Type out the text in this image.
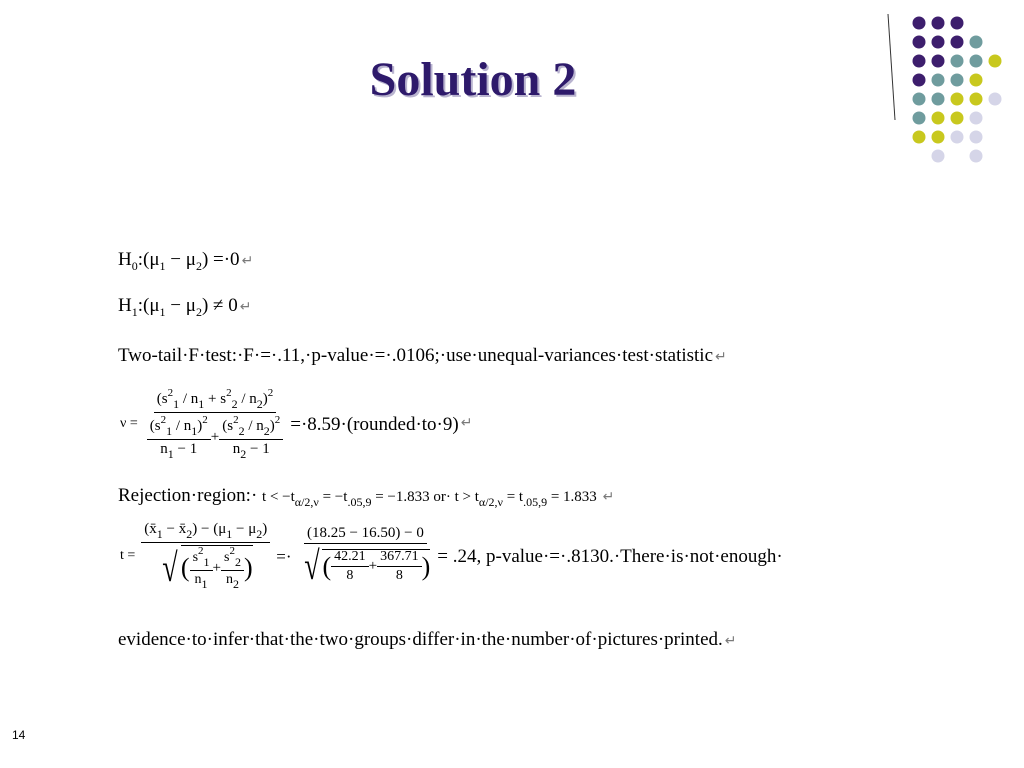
Solution 2
$H_0:(\mu_1 - \mu_2) =\cdot 0$ ↵
$H_1:(\mu_1 - \mu_2) \ne 0$ ↵
Two-tail·F·test:·F·=·.11,·p-value·=·.0106;·use·unequal-variances·test·statistic ↵
ν =
$(s^2_1 / n_1 + s^2_2 / n_2)^2$
$\frac{(s^2_1 / n_1)^2}{n_1 - 1} + \frac{(s^2_2 / n_2)^2}{n_2 - 1}$ =·8.59·(rounded·to·9) ↵
Rejection·region:· $t < -t_{\alpha/2,\nu} = -t_{.05,9} = -1.833$ $or\cdot t > t_{\alpha/2,\nu} = t_{.05,9} = 1.833$ ↵
$t = \frac{(x̄_1 - x̄_2) - (\mu_1 - \mu_2)}{√ ( \frac{s^21}{n1} + \frac{s^22}{n2} )} =\cdot \frac{(18.25 - 16.50) - 0}{√ ( \frac{42.21}{8} + \frac{367.71}{8} )} = .24$, p-value·=·.8130.·There·is·not·enough·
evidence·to·infer·that·the·two·groups·differ·in·the·number·of·pictures·printed. ↵
14
